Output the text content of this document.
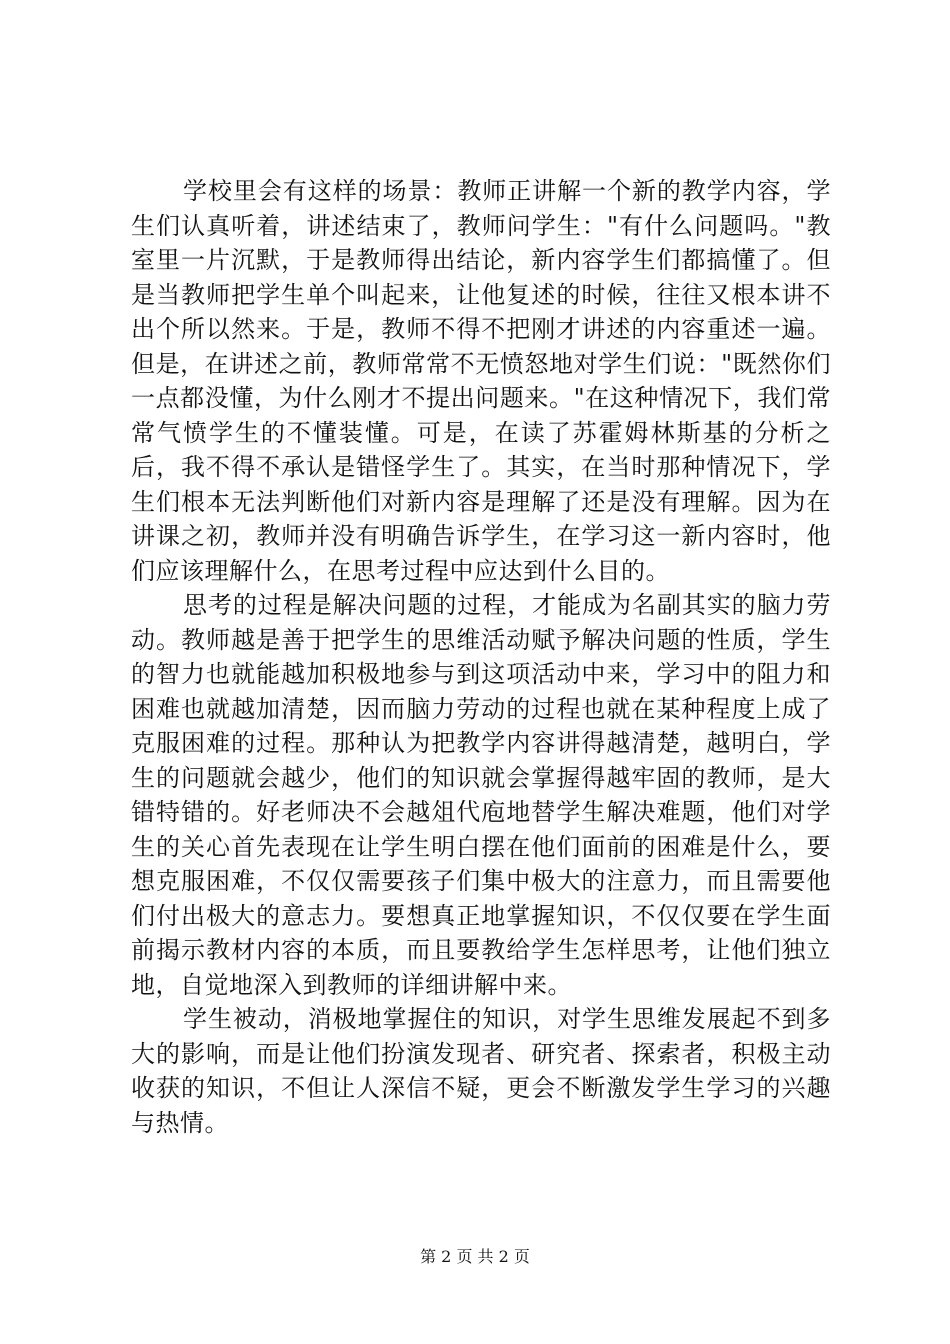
学校里会有这样的场景：教师正讲解一个新的教学内容，学生们认真听着，讲述结束了，教师问学生："有什么问题吗。"教室里一片沉默，于是教师得出结论，新内容学生们都搞懂了。但是当教师把学生单个叫起来，让他复述的时候，往往又根本讲不出个所以然来。于是，教师不得不把刚才讲述的内容重述一遍。但是，在讲述之前，教师常常不无愤怒地对学生们说："既然你们一点都没懂，为什么刚才不提出问题来。"在这种情况下，我们常常气愤学生的不懂装懂。可是，在读了苏霍姆林斯基的分析之后，我不得不承认是错怪学生了。其实，在当时那种情况下，学生们根本无法判断他们对新内容是理解了还是没有理解。因为在讲课之初，教师并没有明确告诉学生，在学习这一新内容时，他们应该理解什么，在思考过程中应达到什么目的。

思考的过程是解决问题的过程，才能成为名副其实的脑力劳动。教师越是善于把学生的思维活动赋予解决问题的性质，学生的智力也就能越加积极地参与到这项活动中来，学习中的阻力和困难也就越加清楚，因而脑力劳动的过程也就在某种程度上成了克服困难的过程。那种认为把教学内容讲得越清楚，越明白，学生的问题就会越少，他们的知识就会掌握得越牢固的教师，是大错特错的。好老师决不会越俎代庖地替学生解决难题，他们对学生的关心首先表现在让学生明白摆在他们面前的困难是什么，要想克服困难，不仅仅需要孩子们集中极大的注意力，而且需要他们付出极大的意志力。要想真正地掌握知识，不仅仅要在学生面前揭示教材内容的本质，而且要教给学生怎样思考，让他们独立地，自觉地深入到教师的详细讲解中来。

学生被动，消极地掌握住的知识，对学生思维发展起不到多大的影响，而是让他们扮演发现者、研究者、探索者，积极主动收获的知识，不但让人深信不疑，更会不断激发学生学习的兴趣与热情。

第 2 页 共 2 页
